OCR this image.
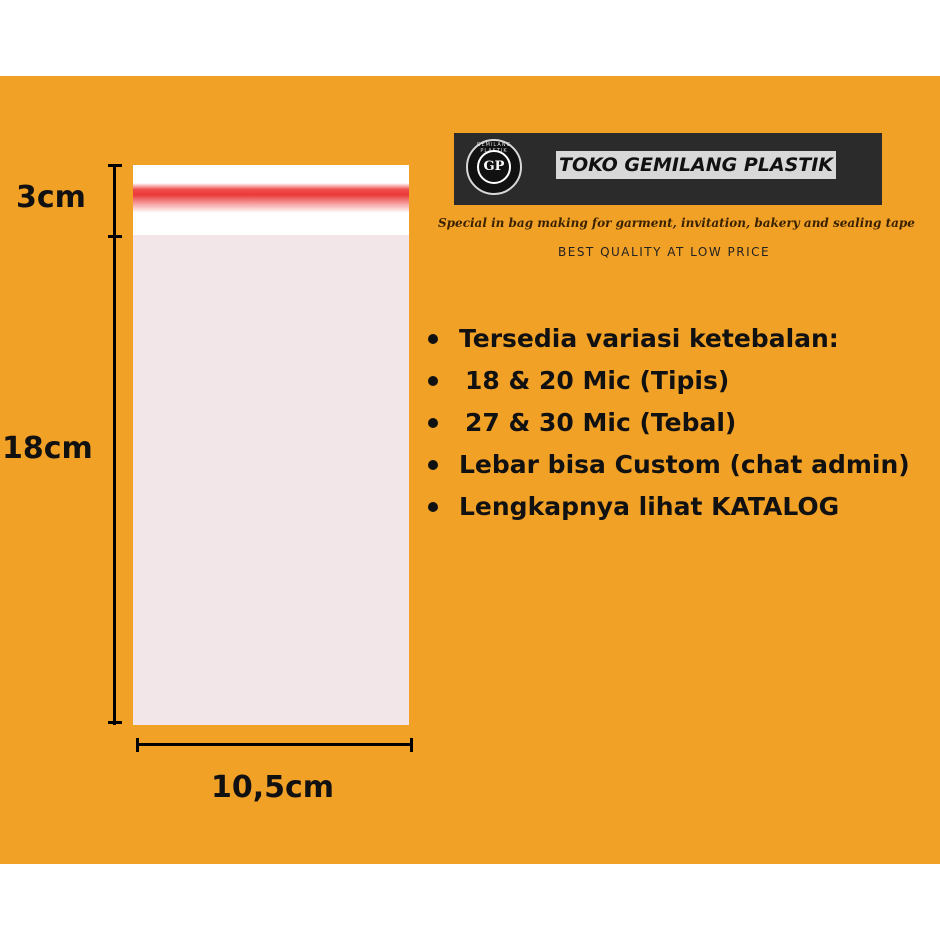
3cm
18cm
10,5cm
GEMILANG PLASTIK
GP	TOKO GEMILANG PLASTIK
Special in bag making for garment, invitation, bakery and sealing tape
BEST QUALITY AT LOW PRICE
Tersedia variasi ketebalan:
18 & 20 Mic (Tipis)
27 & 30 Mic (Tebal)
Lebar bisa Custom (chat admin)
Lengkapnya lihat KATALOG
